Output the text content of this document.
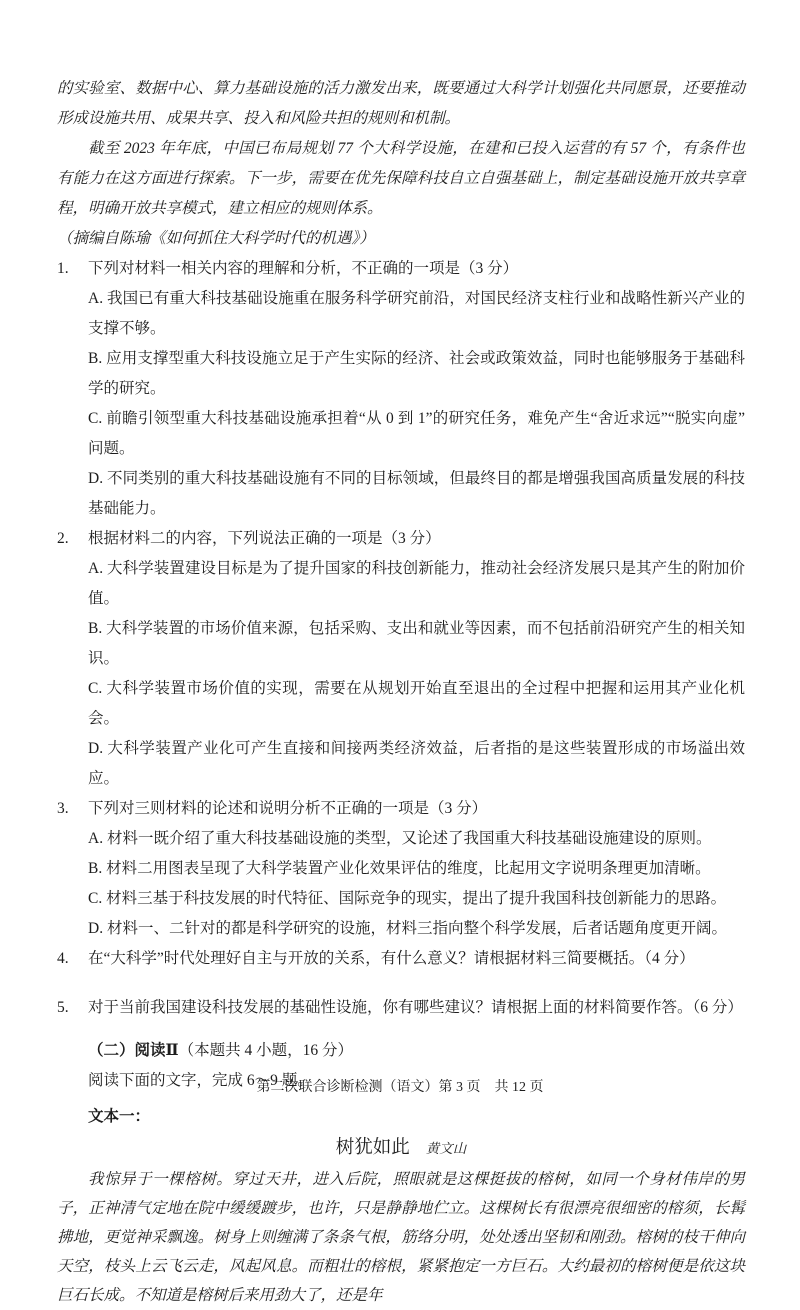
的实验室、数据中心、算力基础设施的活力激发出来，既要通过大科学计划强化共同愿景，还要推动形成设施共用、成果共享、投入和风险共担的规则和机制。

截至 2023 年年底，中国已布局规划 77 个大科学设施，在建和已投入运营的有 57 个，有条件也有能力在这方面进行探索。下一步，需要在优先保障科技自立自强基础上，制定基础设施开放共享章程，明确开放共享模式，建立相应的规则体系。

（摘编自陈瑜《如何抓住大科学时代的机遇》）

1.	下列对材料一相关内容的理解和分析，不正确的一项是（3 分）
A. 我国已有重大科技基础设施重在服务科学研究前沿，对国民经济支柱行业和战略性新兴产业的支撑不够。
B. 应用支撑型重大科技设施立足于产生实际的经济、社会或政策效益，同时也能够服务于基础科学的研究。
C. 前瞻引领型重大科技基础设施承担着“从 0 到 1”的研究任务，难免产生“舍近求远”“脱实向虚”问题。
D. 不同类别的重大科技基础设施有不同的目标领域，但最终目的都是增强我国高质量发展的科技基础能力。
2.	根据材料二的内容，下列说法正确的一项是（3 分）
A. 大科学装置建设目标是为了提升国家的科技创新能力，推动社会经济发展只是其产生的附加价值。
B. 大科学装置的市场价值来源，包括采购、支出和就业等因素，而不包括前沿研究产生的相关知识。
C. 大科学装置市场价值的实现，需要在从规划开始直至退出的全过程中把握和运用其产业化机会。
D. 大科学装置产业化可产生直接和间接两类经济效益，后者指的是这些装置形成的市场溢出效应。
3.	下列对三则材料的论述和说明分析不正确的一项是（3 分）
A. 材料一既介绍了重大科技基础设施的类型，又论述了我国重大科技基础设施建设的原则。
B. 材料二用图表呈现了大科学装置产业化效果评估的维度，比起用文字说明条理更加清晰。
C. 材料三基于科技发展的时代特征、国际竞争的现实，提出了提升我国科技创新能力的思路。
D. 材料一、二针对的都是科学研究的设施，材料三指向整个科学发展，后者话题角度更开阔。
4.	在“大科学”时代处理好自主与开放的关系，有什么意义？请根据材料三简要概括。（4 分）
5.	对于当前我国建设科技发展的基础性设施，你有哪些建议？请根据上面的材料简要作答。（6 分）
（二）阅读Ⅱ（本题共 4 小题，16 分）
阅读下面的文字，完成 6～9 题。
文本一：
树犹如此 黄文山

我惊异于一棵榕树。穿过天井，进入后院，照眼就是这棵挺拔的榕树，如同一个身材伟岸的男子，正神清气定地在院中缓缓踱步，也许，只是静静地伫立。这棵树长有很漂亮很细密的榕须，长髯拂地，更觉神采飘逸。树身上则缠满了条条气根，筋络分明，处处透出坚韧和刚劲。榕树的枝干伸向天空，枝头上云飞云走，风起风息。而粗壮的榕根，紧紧抱定一方巨石。大约最初的榕树便是依这块巨石长成。不知道是榕树后来用劲大了，还是年

第二次联合诊断检测（语文）第 3 页　共 12 页
